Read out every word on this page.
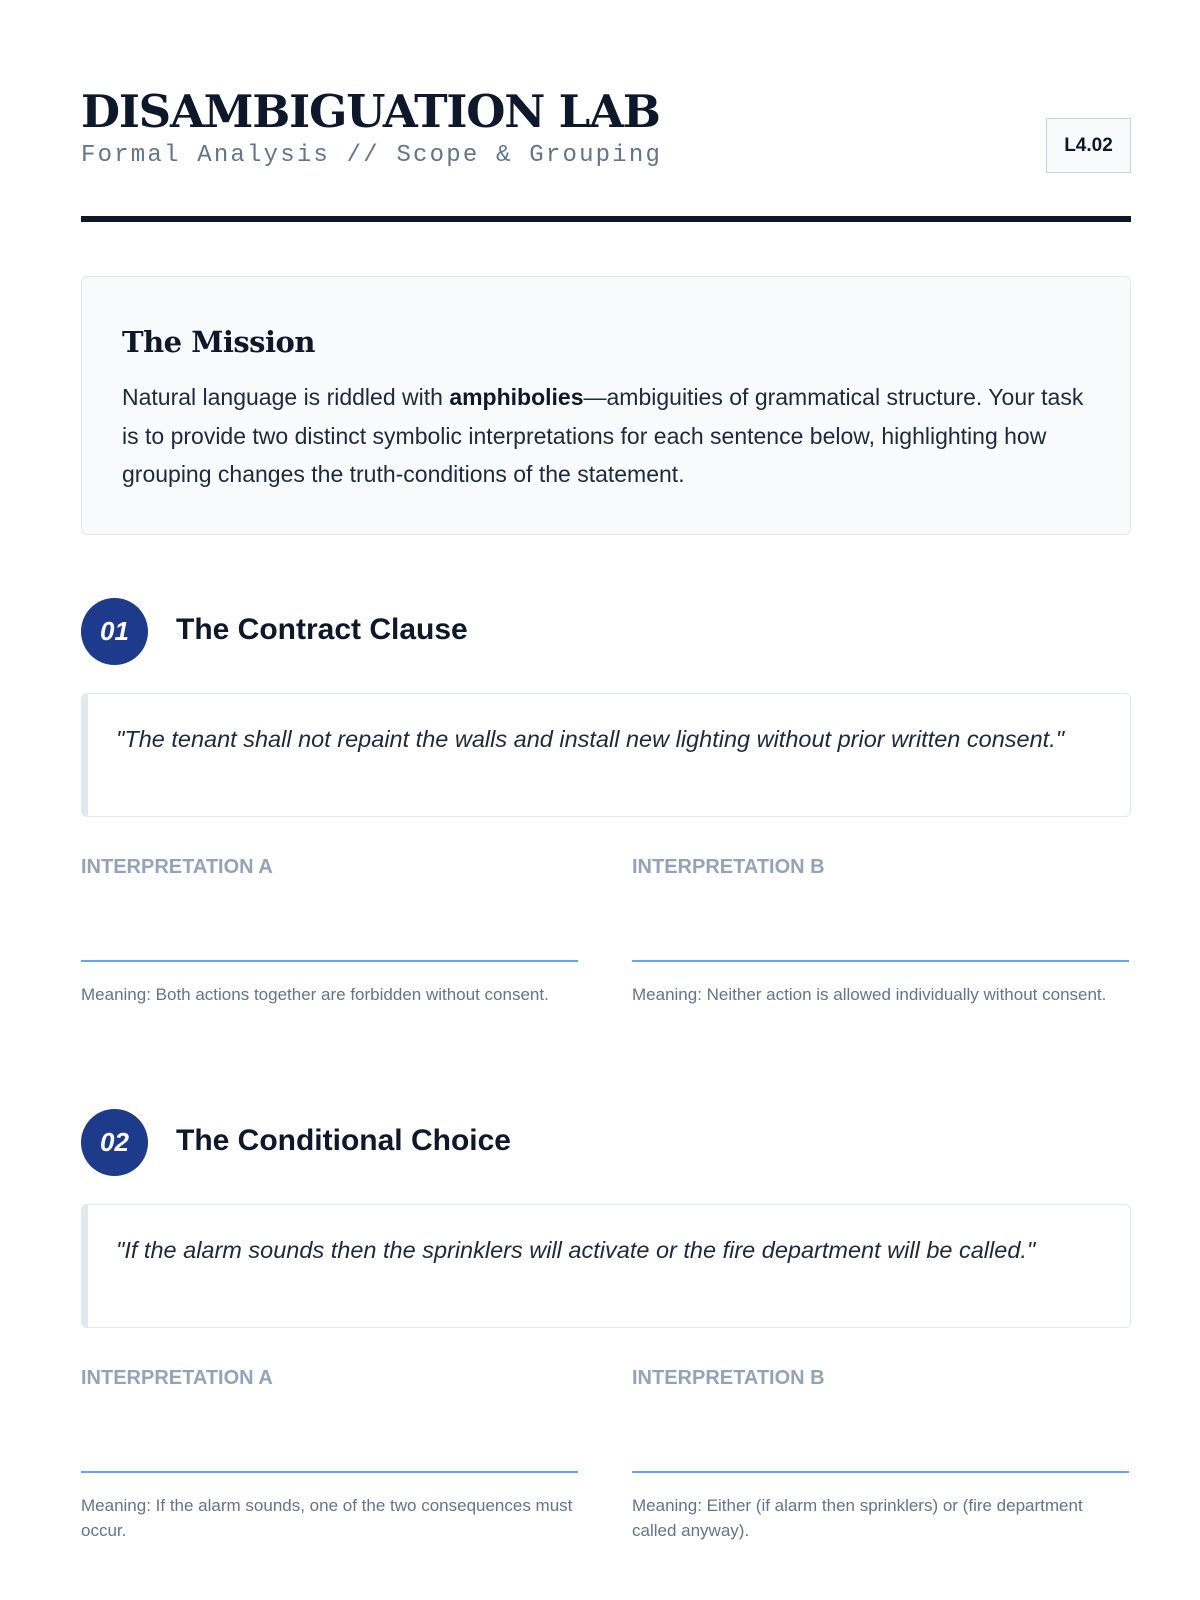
DISAMBIGUATION LAB
Formal Analysis // Scope & Grouping	L4.02
The Mission

Natural language is riddled with amphibolies—ambiguities of grammatical structure. Your task is to provide two distinct symbolic interpretations for each sentence below, highlighting how grouping changes the truth-conditions of the statement.

01	The Contract Clause

"The tenant shall not repaint the walls and install new lighting without prior written consent."

INTERPRETATION A

Meaning: Both actions together are forbidden without consent.

INTERPRETATION B

Meaning: Neither action is allowed individually without consent.

02	The Conditional Choice

"If the alarm sounds then the sprinklers will activate or the fire department will be called."

INTERPRETATION A

Meaning: If the alarm sounds, one of the two consequences must occur.

INTERPRETATION B

Meaning: Either (if alarm then sprinklers) or (fire department called anyway).
